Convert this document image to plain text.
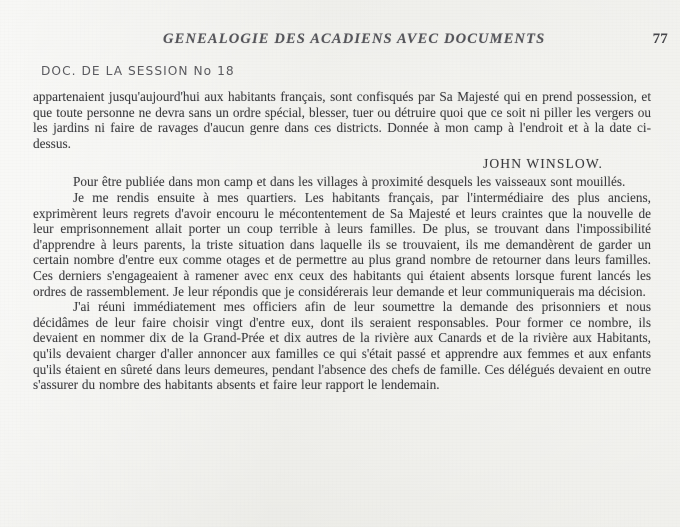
GENEALOGIE DES ACADIENS AVEC DOCUMENTS	77
DOC. DE LA SESSION No 18

appartenaient jusqu'aujourd'hui aux habitants français, sont confisqués par Sa Majesté qui en prend possession, et que toute personne ne devra sans un ordre spécial, blesser, tuer ou détruire quoi que ce soit ni piller les vergers ou les jardins ni faire de ravages d'aucun genre dans ces districts. Donnée à mon camp à l'endroit et à la date ci-dessus.

JOHN WINSLOW.

Pour être publiée dans mon camp et dans les villages à proximité desquels les vaisseaux sont mouillés.

Je me rendis ensuite à mes quartiers. Les habitants français, par l'intermédiaire des plus anciens, exprimèrent leurs regrets d'avoir encouru le mécontentement de Sa Majesté et leurs craintes que la nouvelle de leur emprisonnement allait porter un coup terrible à leurs familles. De plus, se trouvant dans l'impossibilité d'apprendre à leurs parents, la triste situation dans laquelle ils se trouvaient, ils me demandèrent de garder un certain nombre d'entre eux comme otages et de permettre au plus grand nombre de retourner dans leurs familles. Ces derniers s'engageaient à ramener avec enx ceux des habitants qui étaient absents lorsque furent lancés les ordres de rassemblement. Je leur répondis que je considérerais leur demande et leur communiquerais ma décision.

J'ai réuni immédiatement mes officiers afin de leur soumettre la demande des prisonniers et nous décidâmes de leur faire choisir vingt d'entre eux, dont ils seraient responsables. Pour former ce nombre, ils devaient en nommer dix de la Grand-Prée et dix autres de la rivière aux Canards et de la rivière aux Habitants, qu'ils devaient charger d'aller annoncer aux familles ce qui s'était passé et apprendre aux femmes et aux enfants qu'ils étaient en sûreté dans leurs demeures, pendant l'absence des chefs de famille. Ces délégués devaient en outre s'assurer du nombre des habitants absents et faire leur rapport le lendemain.
